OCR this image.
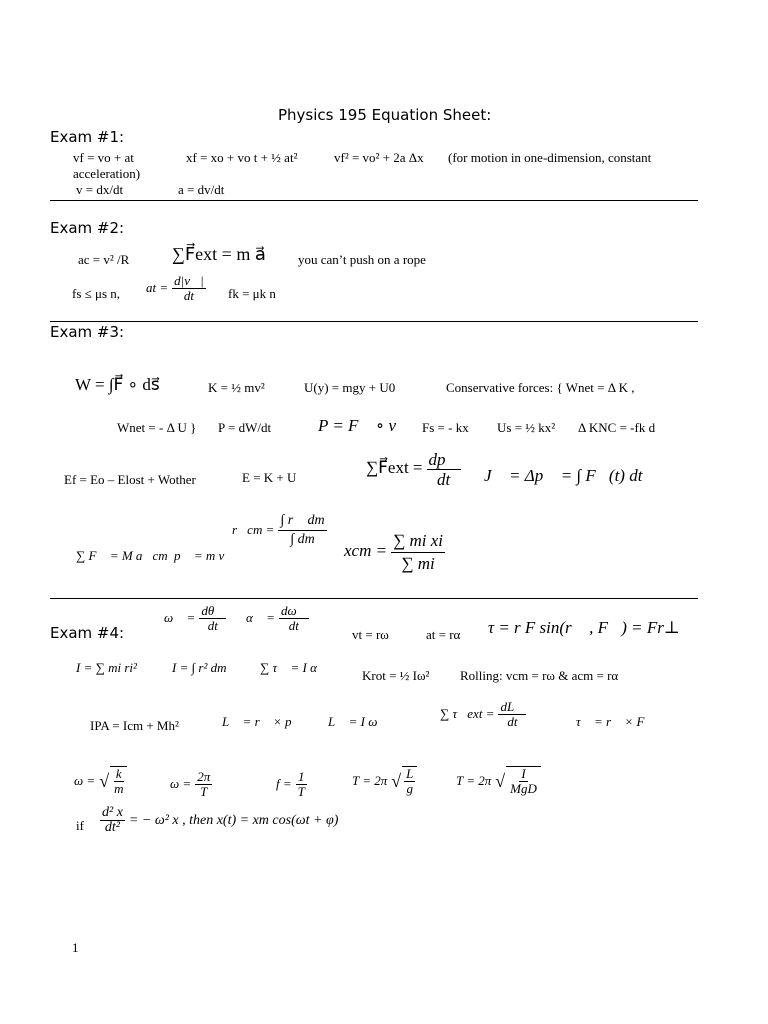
Physics 195 Equation Sheet:
Exam #1:
vf = vo + at	xf = xo + vo t + ½ at²	vf² = vo² + 2a Δx (for motion in one-dimension, constant
acceleration)
v = dx/dt	a = dv/dt
Exam #2:
ac = v² /R ∑F⃗ext = m a⃗ you can’t push on a rope
fs ≤ μs n, at = $\frac{d|v⃗|}{dt}$ fk = μk n
Exam #3:
W = ∫F⃗ ∘ ds⃗	K = ½ mv²	U(y) = mgy + U0	Conservative forces: { Wnet = Δ K ,
Wnet = - Δ U } P = dW/dt	P = F⃗ ∘ v⃗ Fs = - kx Us = ½ kx² Δ KNC = -fk d
Ef = Eo – Elost + Wother	E = K + U
∑F⃗ext = $\frac{dp⃗}{dt}$ J⃗ = Δp⃗ = ∫ F⃗(t) dt
r⃗cm = $\frac{\int r⃗ dm}{\int dm}$
∑ F⃗ = M a⃗cm p⃗ = m v⃗	xcm = $\frac{\text{∑ mi xi}}{\sum mi}$
Exam #4:
ω⃗ = $\frac{d\theta⃗}{dt}$ α⃗ = $\frac{d\omega⃗}{dt}$
vt = rω	at = rα τ = r F sin(r⃗ , F⃗) = Fr⊥
I = ∑ mi ri²	I = ∫ r² dm	∑ τ⃗ = I α⃗
Krot = ½ Iω² Rolling: vcm = rω & acm = rα
IPA = Icm + Mh²	L⃗ = r⃗ × p⃗ L⃗ = I ω⃗
∑ τ⃗ext = $\frac{dL⃗}{dt}$	τ⃗ = r⃗ × F⃗
ω = √ $\frac{k}{m}$	$\omega = \frac{2\pi}{T}$	$f = \frac{1}{T}$	T = 2π √ $\frac{L}{g}$	T = 2π √ $\frac{I}{\text{MgD}}$
if $\frac{\text{d² x}}{\text{dt²}}$ = − ω² x , then x(t) = xm cos(ωt + φ)
1
